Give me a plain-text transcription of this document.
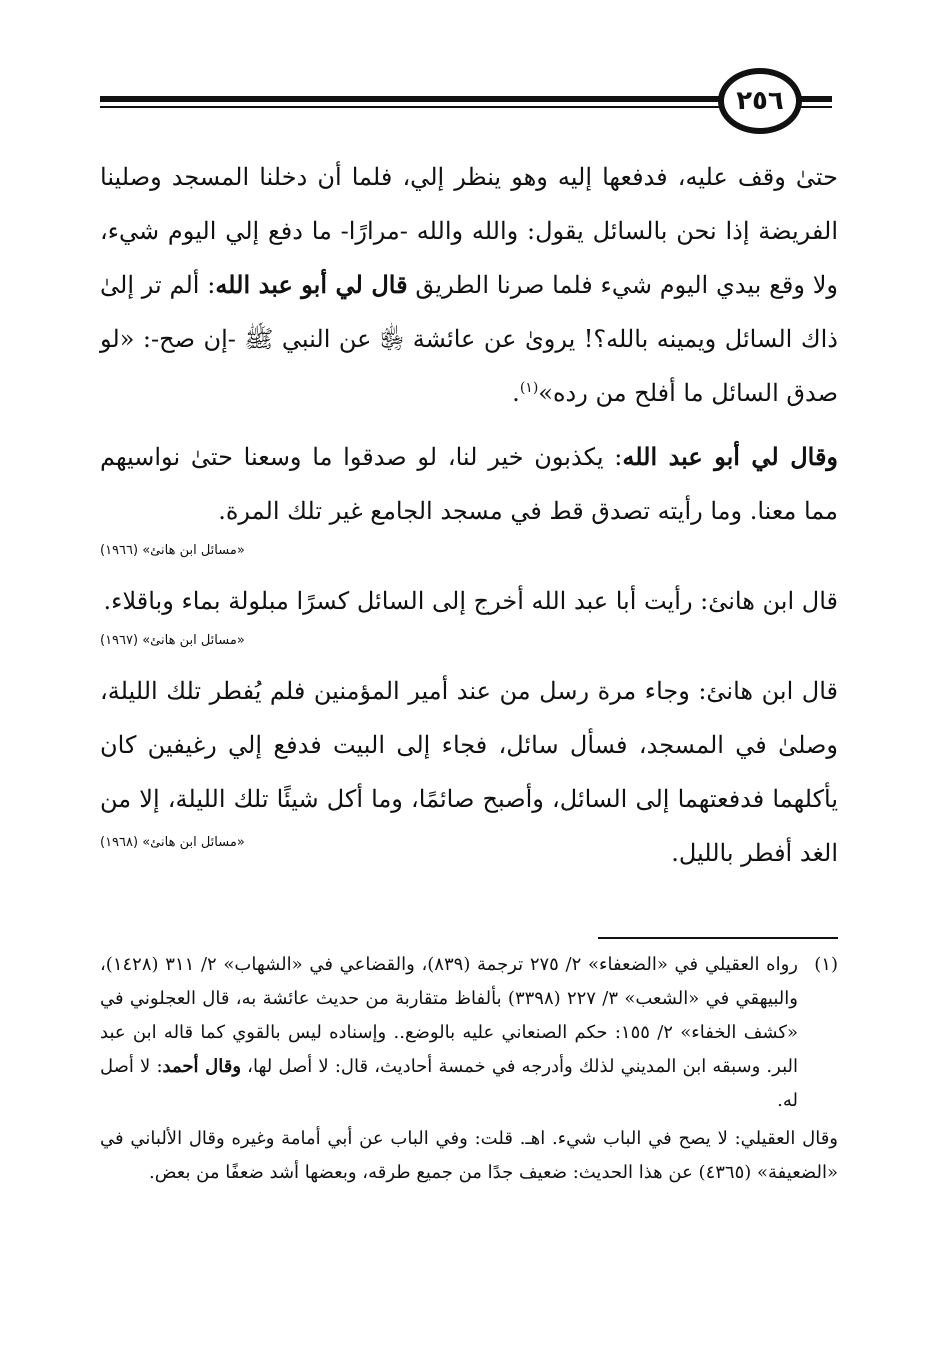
٢٥٦

حتىٰ وقف عليه، فدفعها إليه وهو ينظر إلي، فلما أن دخلنا المسجد وصلينا الفريضة إذا نحن بالسائل يقول: والله والله -مرارًا- ما دفع إلي اليوم شيء، ولا وقع بيدي اليوم شيء فلما صرنا الطريق قال لي أبو عبد الله: ألم تر إلىٰ ذاك السائل ويمينه بالله؟! يروىٰ عن عائشة ﵂ عن النبي ﷺ -إن صح-: «لو صدق السائل ما أفلح من رده»$^{(١)}$.

وقال لي أبو عبد الله: يكذبون خير لنا، لو صدقوا ما وسعنا حتىٰ نواسيهم مما معنا. وما رأيته تصدق قط في مسجد الجامع غير تلك المرة.

«مسائل ابن هانئ» (١٩٦٦)

قال ابن هانئ: رأيت أبا عبد الله أخرج إلى السائل كسرًا مبلولة بماء وباقلاء.

«مسائل ابن هانئ» (١٩٦٧)

قال ابن هانئ: وجاء مرة رسل من عند أمير المؤمنين فلم يُفطر تلك الليلة، وصلىٰ في المسجد، فسأل سائل، فجاء إلى البيت فدفع إلي رغيفين كان يأكلهما فدفعتهما إلى السائل، وأصبح صائمًا، وما أكل شيئًا تلك الليلة، إلا من الغد أفطر بالليل.

«مسائل ابن هانئ» (١٩٦٨)
(١)
رواه العقيلي في «الضعفاء» ٢/ ٢٧٥ ترجمة (٨٣٩)، والقضاعي في «الشهاب» ٢/ ٣١١ (١٤٢٨)، والبيهقي في «الشعب» ٣/ ٢٢٧ (٣٣٩٨) بألفاظ متقاربة من حديث عائشة به، قال العجلوني في «كشف الخفاء» ٢/ ١٥٥: حكم الصنعاني عليه بالوضع.. وإسناده ليس بالقوي كما قاله ابن عبد البر. وسبقه ابن المديني لذلك وأدرجه في خمسة أحاديث، قال: لا أصل لها، وقال أحمد: لا أصل له.
وقال العقيلي: لا يصح في الباب شيء. اهـ. قلت: وفي الباب عن أبي أمامة وغيره وقال الألباني في «الضعيفة» (٤٣٦٥) عن هذا الحديث: ضعيف جدًا من جميع طرقه، وبعضها أشد ضعفًا من بعض.
